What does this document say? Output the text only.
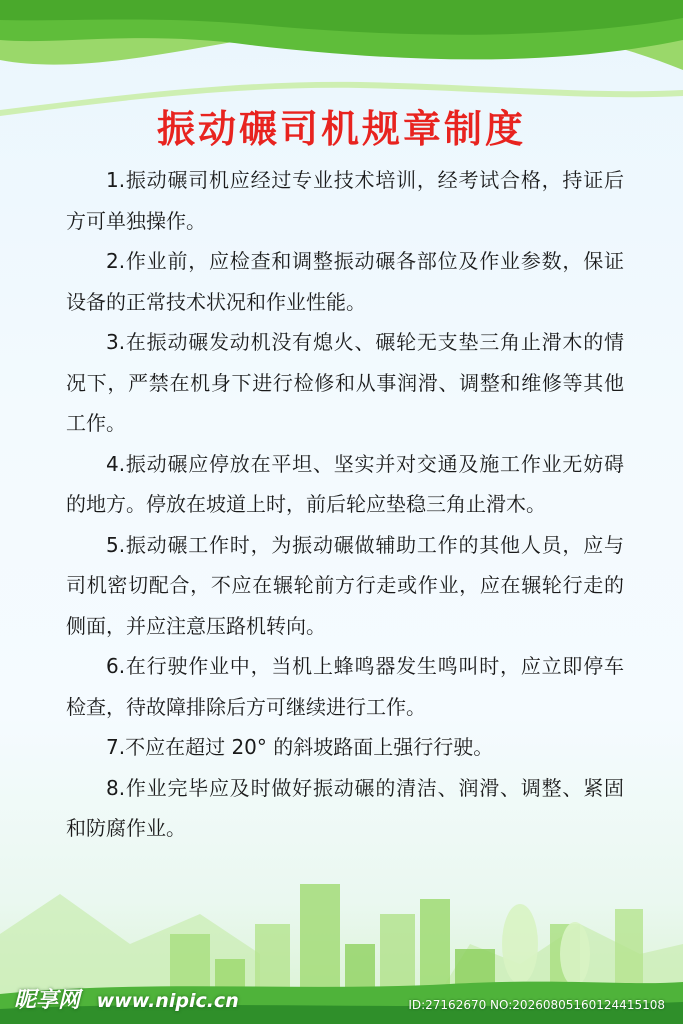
振动碾司机规章制度

1.振动碾司机应经过专业技术培训，经考试合格，持证后方可单独操作。

2.作业前，应检查和调整振动碾各部位及作业参数，保证设备的正常技术状况和作业性能。

3.在振动碾发动机没有熄火、碾轮无支垫三角止滑木的情况下，严禁在机身下进行检修和从事润滑、调整和维修等其他工作。

4.振动碾应停放在平坦、坚实并对交通及施工作业无妨碍的地方。停放在坡道上时，前后轮应垫稳三角止滑木。

5.振动碾工作时，为振动碾做辅助工作的其他人员，应与司机密切配合，不应在辗轮前方行走或作业，应在辗轮行走的侧面，并应注意压路机转向。

6.在行驶作业中，当机上蜂鸣器发生鸣叫时，应立即停车检查，待故障排除后方可继续进行工作。

7.不应在超过 20° 的斜坡路面上强行行驶。

8.作业完毕应及时做好振动碾的清洁、润滑、调整、紧固和防腐作业。

昵享网 www.nipic.cn	ID:27162670 NO:20260805160124415108
